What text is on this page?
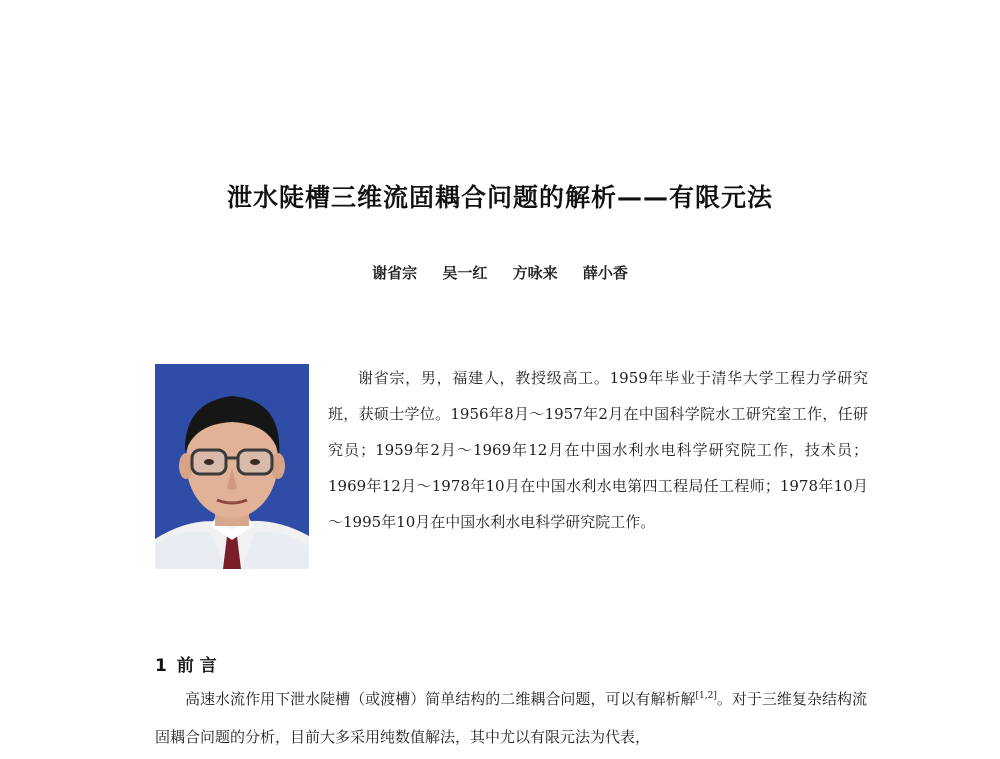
泄水陡槽三维流固耦合问题的解析——有限元法
谢省宗 吴一红 方咏来 薛小香
谢省宗，男，福建人，教授级高工。1959年毕业于清华大学工程力学研究班，获硕士学位。1956年8月～1957年2月在中国科学院水工研究室工作，任研究员；1959年2月～1969年12月在中国水利水电科学研究院工作，技术员；1969年12月～1978年10月在中国水利水电第四工程局任工程师；1978年10月～1995年10月在中国水利水电科学研究院工作。
1 前 言
高速水流作用下泄水陡槽（或渡槽）简单结构的二维耦合问题，可以有解析解[1,2]。对于三维复杂结构流固耦合问题的分析，目前大多采用纯数值解法，其中尤以有限元法为代表，
